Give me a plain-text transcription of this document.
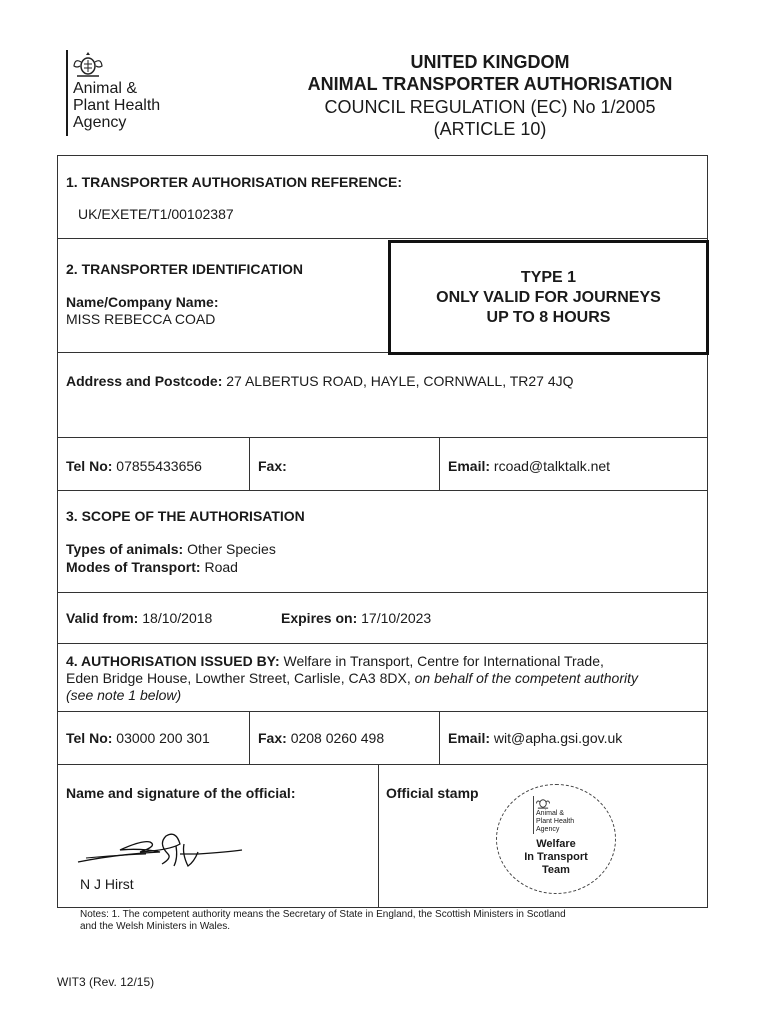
Animal &
Plant Health
Agency
UNITED KINGDOM
ANIMAL TRANSPORTER AUTHORISATION
COUNCIL REGULATION (EC) No 1/2005
(ARTICLE 10)
1. TRANSPORTER AUTHORISATION REFERENCE:
UK/EXETE/T1/00102387
2. TRANSPORTER IDENTIFICATION
Name/Company Name:
MISS REBECCA COAD
TYPE 1
ONLY VALID FOR JOURNEYS
UP TO 8 HOURS
Address and Postcode: 27 ALBERTUS ROAD, HAYLE, CORNWALL, TR27 4JQ
Tel No: 07855433656	Fax:	Email: rcoad@talktalk.net
3. SCOPE OF THE AUTHORISATION
Types of animals: Other Species
Modes of Transport: Road
Valid from: 18/10/2018	Expires on: 17/10/2023
4. AUTHORISATION ISSUED BY: Welfare in Transport, Centre for International Trade,
Eden Bridge House, Lowther Street, Carlisle, CA3 8DX, on behalf of the competent authority
(see note 1 below)
Tel No: 03000 200 301	Fax: 0208 0260 498	Email: wit@apha.gsi.gov.uk
Name and signature of the official:
N J Hirst
Official stamp
Animal &
Plant Health
Agency
Welfare
In Transport
Team
Notes: 1. The competent authority means the Secretary of State in England, the Scottish Ministers in Scotland
and the Welsh Ministers in Wales.
WIT3 (Rev. 12/15)
